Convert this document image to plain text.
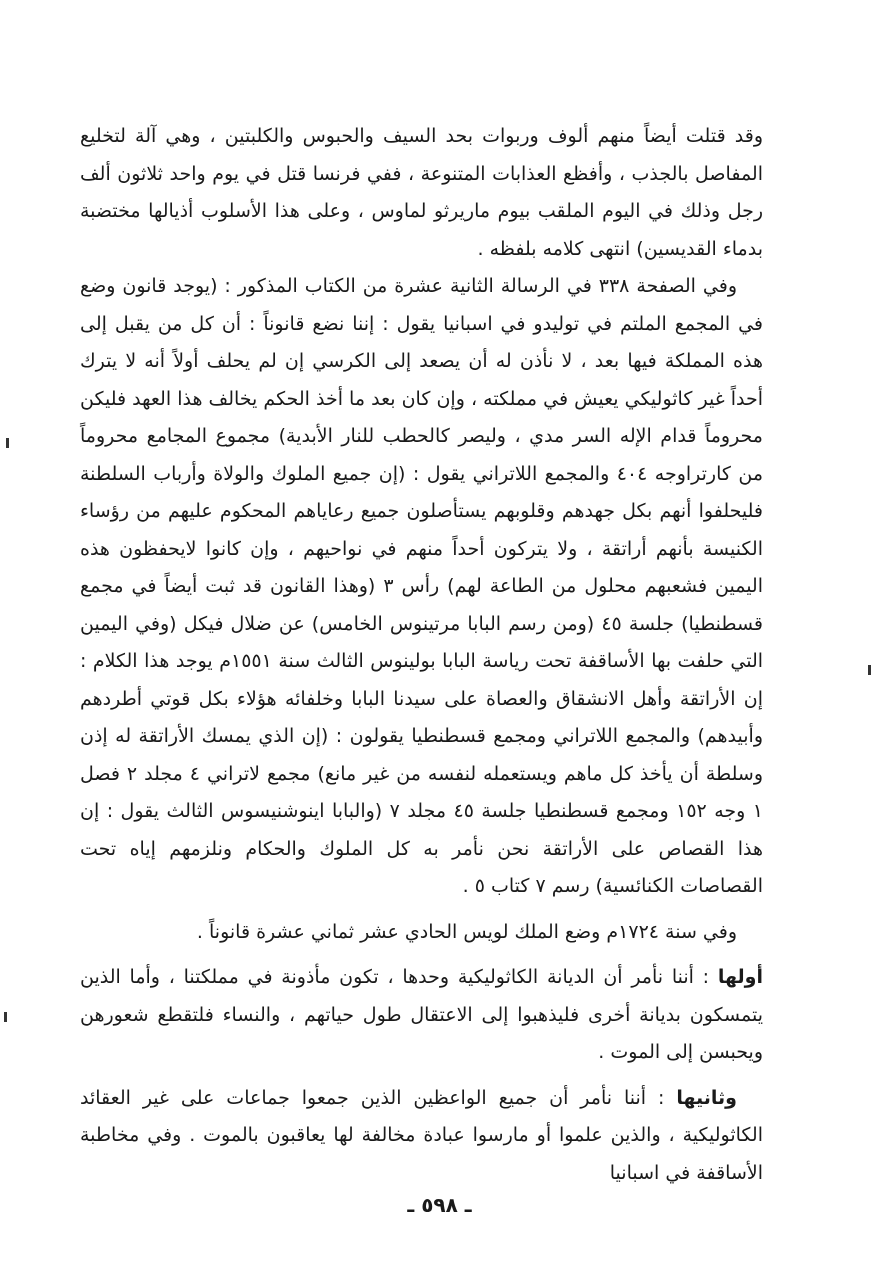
وقد قتلت أيضاً منهم ألوف وربوات بحد السيف والحبوس والكلبتين ، وهي آلة لتخليع المفاصل بالجذب ، وأفظع العذابات المتنوعة ، ففي فرنسا قتل في يوم واحد ثلاثون ألف رجل وذلك في اليوم الملقب بيوم ماريرثو لماوس ، وعلى هذا الأسلوب أذيالها مختضبة بدماء القديسين) انتهى كلامه بلفظه .

وفي الصفحة ٣٣٨ في الرسالة الثانية عشرة من الكتاب المذكور : (يوجد قانون وضع في المجمع الملتم في توليدو في اسبانيا يقول : إننا نضع قانوناً : أن كل من يقبل إلى هذه المملكة فيها بعد ، لا نأذن له أن يصعد إلى الكرسي إن لم يحلف أولاً أنه لا يترك أحداً غير كاثوليكي يعيش في مملكته ، وإن كان بعد ما أخذ الحكم يخالف هذا العهد فليكن محروماً قدام الإله السر مدي ، وليصر كالحطب للنار الأبدية) مجموع المجامع محروماً من كارتراوجه ٤٠٤ والمجمع اللاتراني يقول : (إن جميع الملوك والولاة وأرباب السلطنة فليحلفوا أنهم بكل جهدهم وقلوبهم يستأصلون جميع رعاياهم المحكوم عليهم من رؤساء الكنيسة بأنهم أراتقة ، ولا يتركون أحداً منهم في نواحيهم ، وإن كانوا لايحفظون هذه اليمين فشعبهم محلول من الطاعة لهم) رأس ٣ (وهذا القانون قد ثبت أيضاً في مجمع قسطنطيا) جلسة ٤٥ (ومن رسم البابا مرتينوس الخامس) عن ضلال فيكل (وفي اليمين التي حلفت بها الأساقفة تحت رياسة البابا بولينوس الثالث سنة ١٥٥١م يوجد هذا الكلام : إن الأراتقة وأهل الانشقاق والعصاة على سيدنا البابا وخلفائه هؤلاء بكل قوتي أطردهم وأبيدهم) والمجمع اللاتراني ومجمع قسطنطيا يقولون : (إن الذي يمسك الأراتقة له إذن وسلطة أن يأخذ كل ماهم ويستعمله لنفسه من غير مانع) مجمع لاتراني ٤ مجلد ٢ فصل ١ وجه ١٥٢ ومجمع قسطنطيا جلسة ٤٥ مجلد ٧ (والبابا اينوشنيسوس الثالث يقول : إن هذا القصاص على الأراتقة نحن نأمر به كل الملوك والحكام ونلزمهم إياه تحت القصاصات الكنائسية) رسم ٧ كتاب ٥ .

وفي سنة ١٧٢٤م وضع الملك لويس الحادي عشر ثماني عشرة قانوناً .

أولها : أننا نأمر أن الديانة الكاثوليكية وحدها ، تكون مأذونة في مملكتنا ، وأما الذين يتمسكون بديانة أخرى فليذهبوا إلى الاعتقال طول حياتهم ، والنساء فلتقطع شعورهن ويحبسن إلى الموت .

وثانيها : أننا نأمر أن جميع الواعظين الذين جمعوا جماعات على غير العقائد الكاثوليكية ، والذين علموا أو مارسوا عبادة مخالفة لها يعاقبون بالموت . وفي مخاطبة الأساقفة في اسبانيا

ـ ٥٩٨ ـ
